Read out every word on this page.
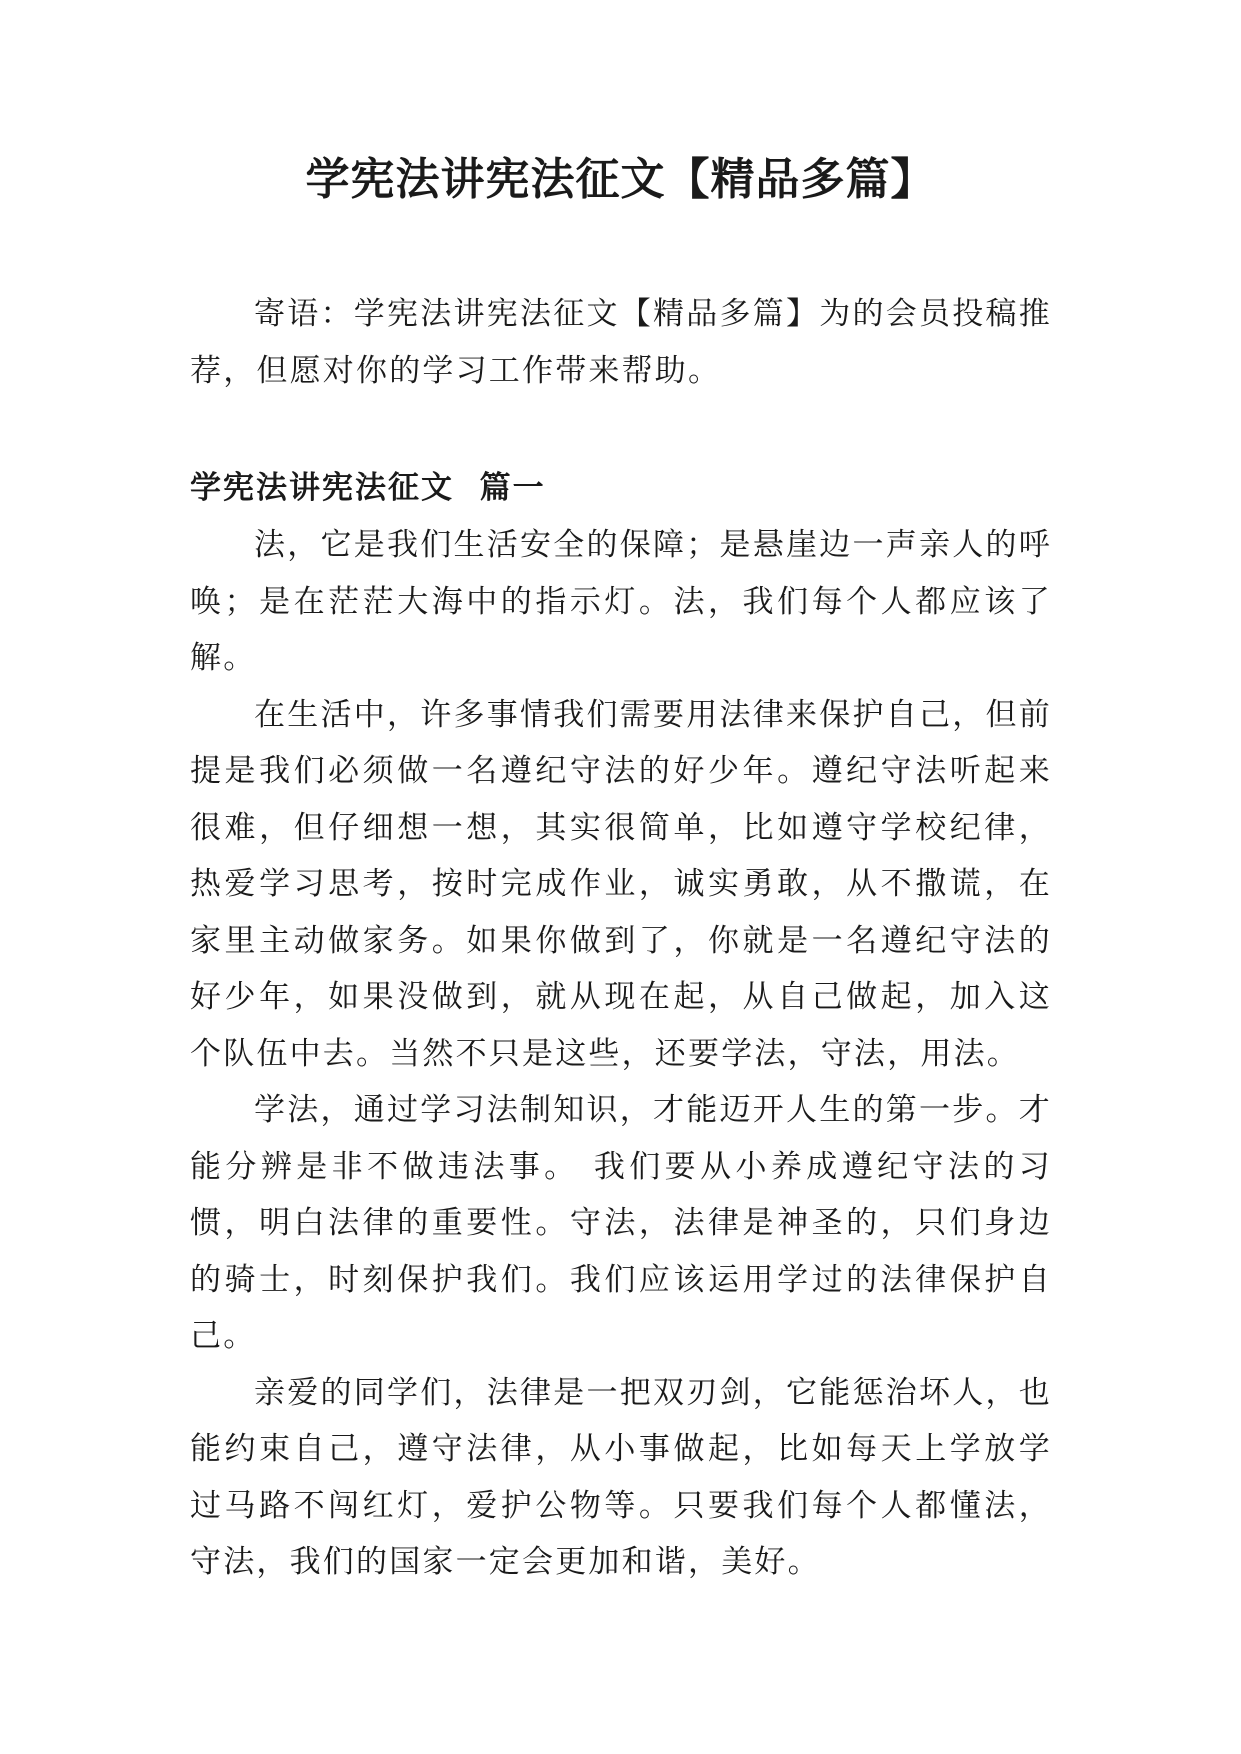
学宪法讲宪法征文【精品多篇】

寄语：学宪法讲宪法征文【精品多篇】为的会员投稿推荐，但愿对你的学习工作带来帮助。

学宪法讲宪法征文  篇一

法，它是我们生活安全的保障；是悬崖边一声亲人的呼唤；是在茫茫大海中的指示灯。法，我们每个人都应该了解。

在生活中，许多事情我们需要用法律来保护自己，但前提是我们必须做一名遵纪守法的好少年。遵纪守法听起来很难，但仔细想一想，其实很简单，比如遵守学校纪律，热爱学习思考，按时完成作业，诚实勇敢，从不撒谎，在家里主动做家务。如果你做到了，你就是一名遵纪守法的好少年，如果没做到，就从现在起，从自己做起，加入这个队伍中去。当然不只是这些，还要学法，守法，用法。

学法，通过学习法制知识，才能迈开人生的第一步。才能分辨是非不做违法事。 我们要从小养成遵纪守法的习惯，明白法律的重要性。守法，法律是神圣的，只们身边的骑士，时刻保护我们。我们应该运用学过的法律保护自己。

亲爱的同学们，法律是一把双刃剑，它能惩治坏人，也能约束自己，遵守法律，从小事做起，比如每天上学放学过马路不闯红灯，爱护公物等。只要我们每个人都懂法，守法，我们的国家一定会更加和谐，美好。
